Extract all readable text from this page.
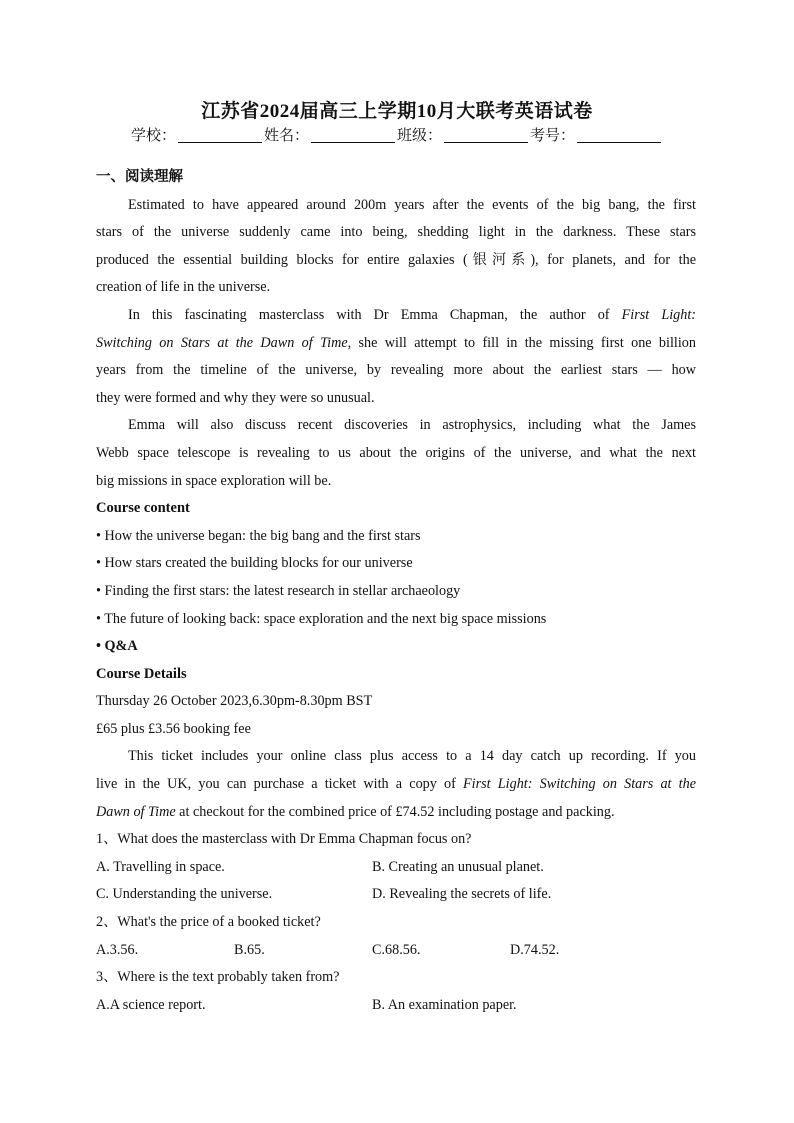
江苏省2024届高三上学期10月大联考英语试卷
学校：	姓名：	班级：	考号：
一、阅读理解
Estimated to have appeared around 200m years after the events of the big bang, the first
stars of the universe suddenly came into being, shedding light in the darkness. These stars
produced the essential building blocks for entire galaxies (银河系), for planets, and for the
creation of life in the universe.
In this fascinating masterclass with Dr Emma Chapman, the author of First Light:
Switching on Stars at the Dawn of Time, she will attempt to fill in the missing first one billion
years from the timeline of the universe, by revealing more about the earliest stars — how
they were formed and why they were so unusual.
Emma will also discuss recent discoveries in astrophysics, including what the James
Webb space telescope is revealing to us about the origins of the universe, and what the next
big missions in space exploration will be.
Course content
• How the universe began: the big bang and the first stars
• How stars created the building blocks for our universe
• Finding the first stars: the latest research in stellar archaeology
• The future of looking back: space exploration and the next big space missions
• Q&A
Course Details
Thursday 26 October 2023,6.30pm-8.30pm BST
£65 plus £3.56 booking fee
This ticket includes your online class plus access to a 14 day catch up recording. If you
live in the UK, you can purchase a ticket with a copy of First Light: Switching on Stars at the
Dawn of Time at checkout for the combined price of £74.52 including postage and packing.
1、What does the masterclass with Dr Emma Chapman focus on?
A. Travelling in space.	B. Creating an unusual planet.
C. Understanding the universe.	D. Revealing the secrets of life.
2、What's the price of a booked ticket?
A.3.56.	B.65.	C.68.56.	D.74.52.
3、Where is the text probably taken from?
A.A science report.	B. An examination paper.
